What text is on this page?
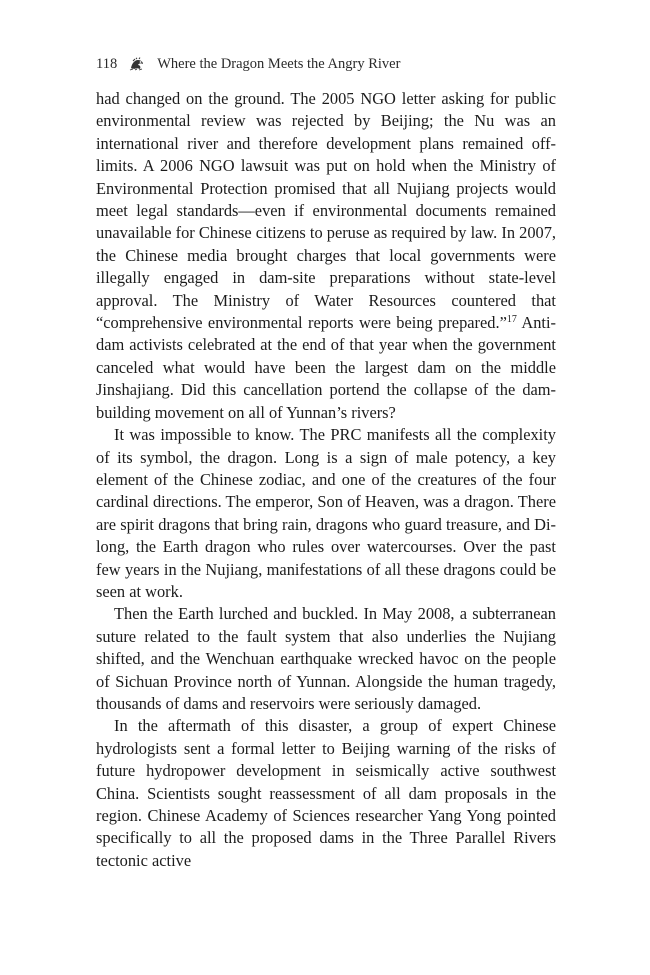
118	Where the Dragon Meets the Angry River

had changed on the ground. The 2005 NGO letter asking for public environmental review was rejected by Beijing; the Nu was an international river and therefore development plans remained off-limits. A 2006 NGO lawsuit was put on hold when the Ministry of Environmental Protection promised that all Nujiang projects would meet legal standards—even if environmental documents remained unavailable for Chinese citizens to peruse as required by law. In 2007, the Chinese media brought charges that local governments were illegally engaged in dam-site preparations without state-level approval. The Ministry of Water Resources countered that “comprehensive environmental reports were being prepared.”$^{17}$ Anti-dam activists celebrated at the end of that year when the government canceled what would have been the largest dam on the middle Jinshajiang. Did this cancellation portend the collapse of the dam-building movement on all of Yunnan’s rivers?

It was impossible to know. The PRC manifests all the complexity of its symbol, the dragon. Long is a sign of male potency, a key element of the Chinese zodiac, and one of the creatures of the four cardinal directions. The emperor, Son of Heaven, was a dragon. There are spirit dragons that bring rain, dragons who guard treasure, and Di-long, the Earth dragon who rules over watercourses. Over the past few years in the Nujiang, manifestations of all these dragons could be seen at work.

Then the Earth lurched and buckled. In May 2008, a subterranean suture related to the fault system that also underlies the Nujiang shifted, and the Wenchuan earthquake wrecked havoc on the people of Sichuan Province north of Yunnan. Alongside the human tragedy, thousands of dams and reservoirs were seriously damaged.

In the aftermath of this disaster, a group of expert Chinese hydrologists sent a formal letter to Beijing warning of the risks of future hydropower development in seismically active southwest China. Scientists sought reassessment of all dam proposals in the region. Chinese Academy of Sciences researcher Yang Yong pointed specifically to all the proposed dams in the Three Parallel Rivers tectonic active
